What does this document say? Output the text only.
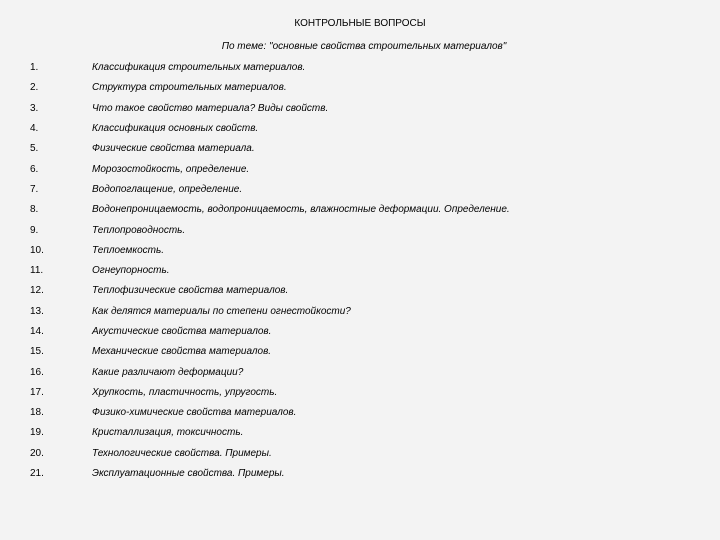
КОНТРОЛЬНЫЕ ВОПРОСЫ
По теме: "основные свойства строительных материалов"
1.	Классификация строительных материалов.
2.	Структура строительных материалов.
3.	Что такое свойство материала? Виды свойств.
4.	Классификация основных свойств.
5.	Физические свойства материала.
6.	Морозостойкость, определение.
7.	Водопоглащение, определение.
8.	Водонепроницаемость, водопроницаемость, влажностные деформации. Определение.
9.	Теплопроводность.
10.	Теплоемкость.
11.	Огнеупорность.
12.	Теплофизические свойства материалов.
13.	Как делятся материалы по степени огнестойкости?
14.	Акустические свойства материалов.
15.	Механические свойства материалов.
16.	Какие различают деформации?
17.	Хрупкость, пластичность, упругость.
18.	Физико-химические свойства материалов.
19.	Кристаллизация, токсичность.
20.	Технологические свойства. Примеры.
21.	Эксплуатационные свойства. Примеры.
